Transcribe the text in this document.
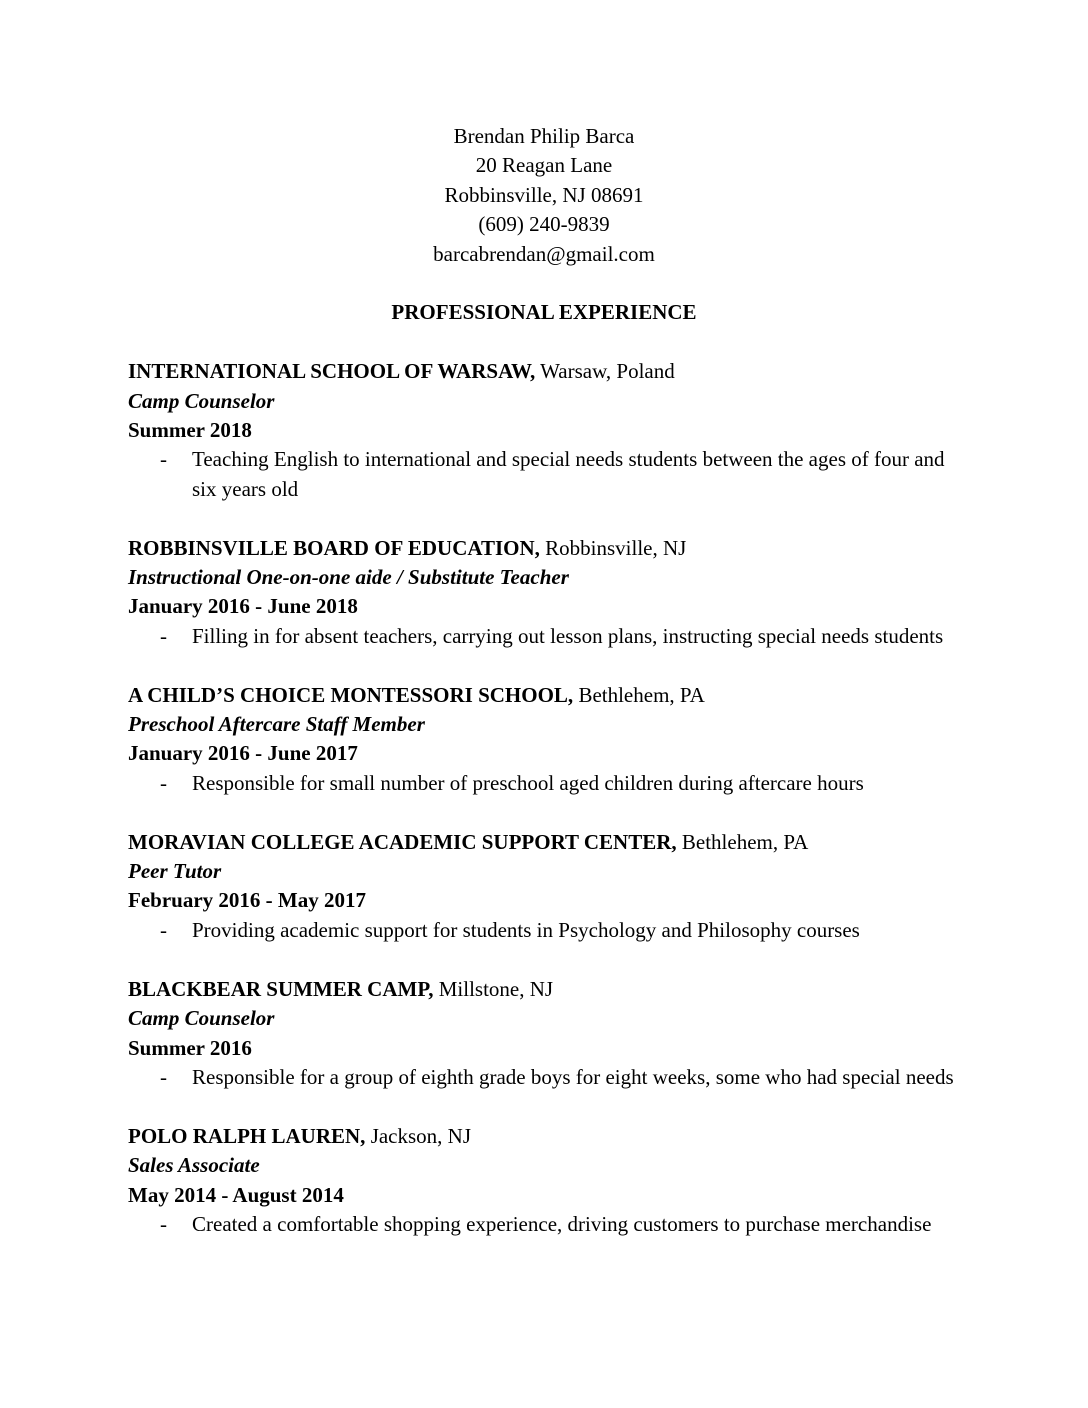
Brendan Philip Barca

20 Reagan Lane

Robbinsville, NJ 08691

(609) 240-9839

barcabrendan@gmail.com

PROFESSIONAL EXPERIENCE

INTERNATIONAL SCHOOL OF WARSAW, Warsaw, Poland

Camp Counselor

Summer 2018

-	Teaching English to international and special needs students between the ages of four and six years old

ROBBINSVILLE BOARD OF EDUCATION, Robbinsville, NJ

Instructional One-on-one aide / Substitute Teacher

January 2016 - June 2018

-	Filling in for absent teachers, carrying out lesson plans, instructing special needs students

A CHILD’S CHOICE MONTESSORI SCHOOL, Bethlehem, PA

Preschool Aftercare Staff Member

January 2016 - June 2017

-	Responsible for small number of preschool aged children during aftercare hours

MORAVIAN COLLEGE ACADEMIC SUPPORT CENTER, Bethlehem, PA

Peer Tutor

February 2016 - May 2017

-	Providing academic support for students in Psychology and Philosophy courses

BLACKBEAR SUMMER CAMP, Millstone, NJ

Camp Counselor

Summer 2016

-	Responsible for a group of eighth grade boys for eight weeks, some who had special needs

POLO RALPH LAUREN, Jackson, NJ

Sales Associate

May 2014 - August 2014

-	Created a comfortable shopping experience, driving customers to purchase merchandise
